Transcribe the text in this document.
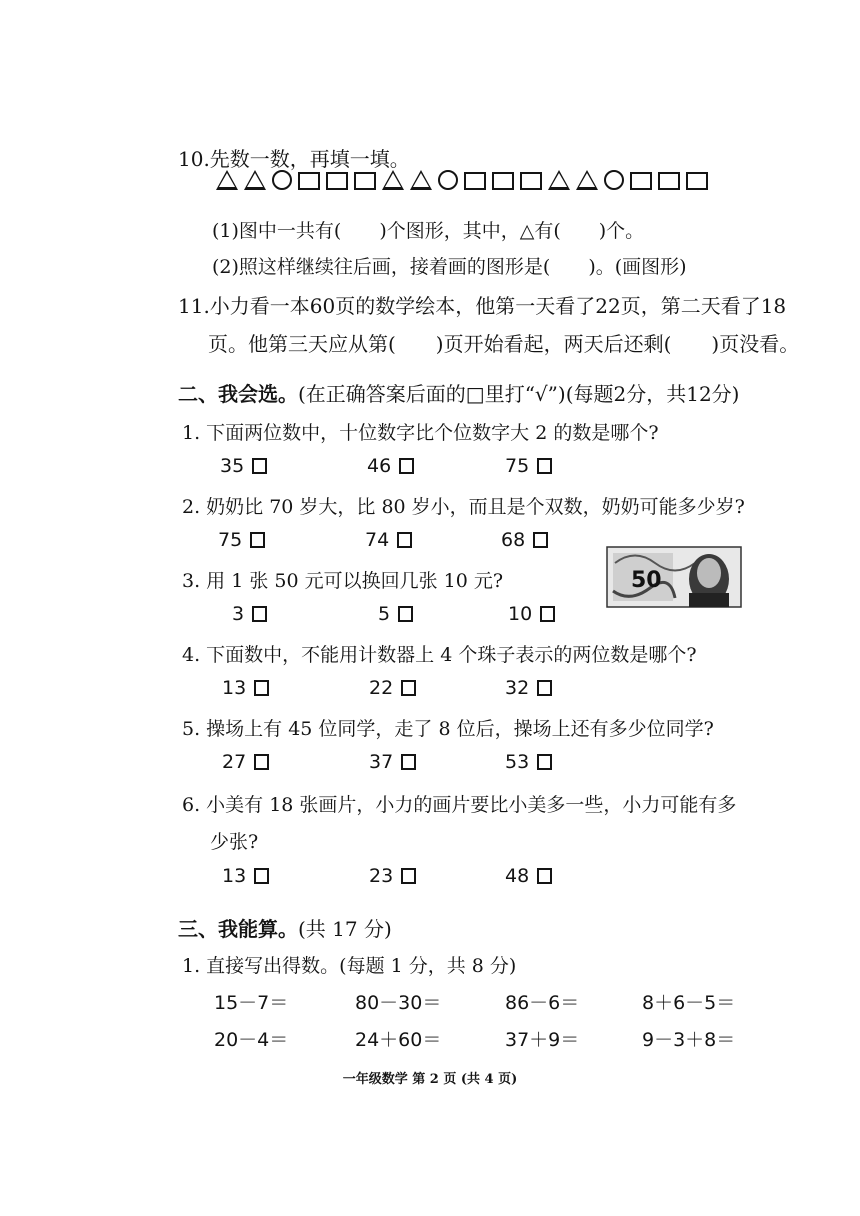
10.先数一数，再填一填。
(1)图中一共有(　　)个图形，其中，△有(　　)个。
(2)照这样继续往后画，接着画的图形是(　　)。(画图形)
11.小力看一本60页的数学绘本，他第一天看了22页，第二天看了18
页。他第三天应从第(　　)页开始看起，两天后还剩(　　)页没看。
二、我会选。(在正确答案后面的□里打“√”)(每题2分，共12分)
1. 下面两位数中，十位数字比个位数字大 2 的数是哪个?
35	46	75
2. 奶奶比 70 岁大，比 80 岁小，而且是个双数，奶奶可能多少岁?
75	74	68
3. 用 1 张 50 元可以换回几张 10 元?
3	5	10
50
4. 下面数中，不能用计数器上 4 个珠子表示的两位数是哪个?
13	22	32
5. 操场上有 45 位同学，走了 8 位后，操场上还有多少位同学?
27	37	53
6. 小美有 18 张画片，小力的画片要比小美多一些，小力可能有多
少张?
13	23	48
三、我能算。(共 17 分)
1. 直接写出得数。(每题 1 分，共 8 分)
15－7＝	80－30＝	86－6＝	8＋6－5＝
20－4＝	24＋60＝	37＋9＝	9－3＋8＝
一年级数学 第 2 页 (共 4 页)
